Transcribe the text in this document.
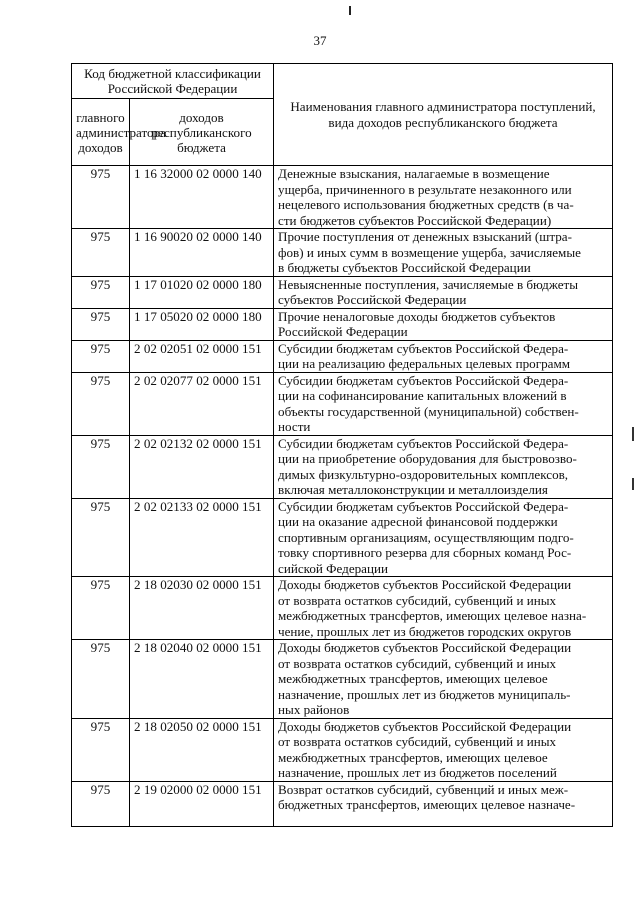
37
Код бюджетной классификации Российской Федерации		Наименования главного администратора поступлений, вида доходов республиканского бюджета
главного администратора доходов	доходов республиканского бюджета	
975	1 16 32000 02 0000 140	Денежные взыскания, налагаемые в возмещение
ущерба, причиненного в результате незаконного или
нецелевого использования бюджетных средств (в ча-
сти бюджетов субъектов Российской Федерации)

975	1 16 90020 02 0000 140	Прочие поступления от денежных взысканий (штра-
фов) и иных сумм в возмещение ущерба, зачисляемые
в бюджеты субъектов Российской Федерации

975	1 17 01020 02 0000 180	Невыясненные поступления, зачисляемые в бюджеты
субъектов Российской Федерации

975	1 17 05020 02 0000 180	Прочие неналоговые доходы бюджетов субъектов
Российской Федерации

975	2 02 02051 02 0000 151	Субсидии бюджетам субъектов Российской Федера-
ции на реализацию федеральных целевых программ

975	2 02 02077 02 0000 151	Субсидии бюджетам субъектов Российской Федера-
ции на софинансирование капитальных вложений в
объекты государственной (муниципальной) собствен-
ности

975	2 02 02132 02 0000 151	Субсидии бюджетам субъектов Российской Федера-
ции на приобретение оборудования для быстровозво-
димых физкультурно-оздоровительных комплексов,
включая металлоконструкции и металлоизделия

975	2 02 02133 02 0000 151	Субсидии бюджетам субъектов Российской Федера-
ции на оказание адресной финансовой поддержки
спортивным организациям, осуществляющим подго-
товку спортивного резерва для сборных команд Рос-
сийской Федерации

975	2 18 02030 02 0000 151	Доходы бюджетов субъектов Российской Федерации
от возврата остатков субсидий, субвенций и иных
межбюджетных трансфертов, имеющих целевое назна-
чение, прошлых лет из бюджетов городских округов

975	2 18 02040 02 0000 151	Доходы бюджетов субъектов Российской Федерации
от возврата остатков субсидий, субвенций и иных
межбюджетных трансфертов, имеющих целевое
назначение, прошлых лет из бюджетов муниципаль-
ных районов

975	2 18 02050 02 0000 151	Доходы бюджетов субъектов Российской Федерации
от возврата остатков субсидий, субвенций и иных
межбюджетных трансфертов, имеющих целевое
назначение, прошлых лет из бюджетов поселений

975	2 19 02000 02 0000 151	Возврат остатков субсидий, субвенций и иных меж-
бюджетных трансфертов, имеющих целевое назначе-
